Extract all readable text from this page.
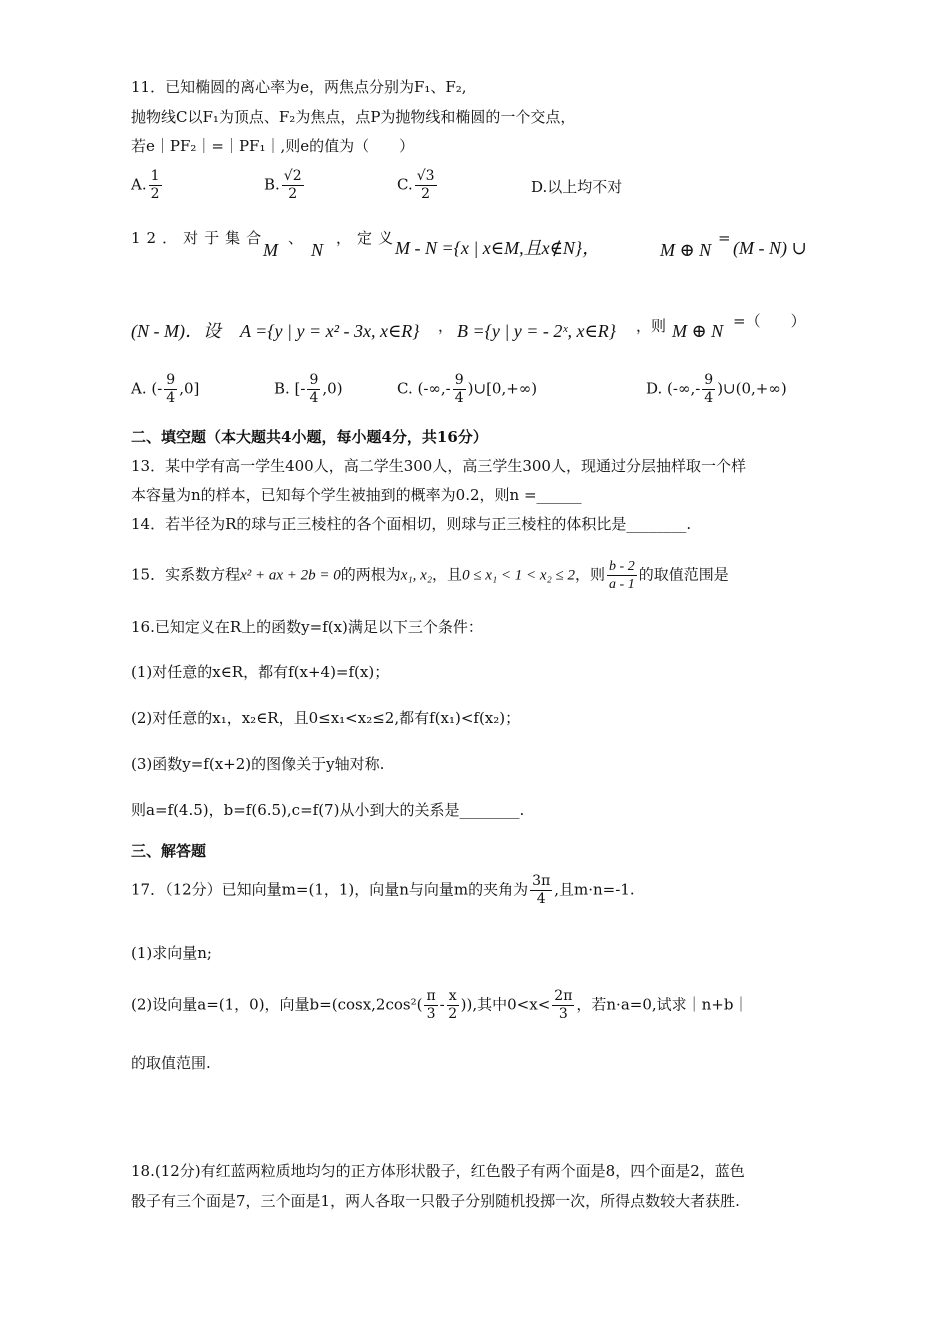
11．已知椭圆的离心率为e，两焦点分别为F₁、F₂,
抛物线C以F₁为顶点、F₂为焦点，点P为抛物线和椭圆的一个交点，
若e｜PF₂｜=｜PF₁｜,则e的值为（　　）
A. $\frac{1}{2}$	B. $\frac{√2}{2}$	C. $\frac{√3}{2}$	D.以上均不对
12．对于集合
M
、
N
，定义
M - N ={x | x∈M,且x∉N}，	M ⊕ N
= (M - N) ∪
(N - M)．设 A ={y | y = x² - 3x, x∈R} ， B ={y | y = - 2ˣ, x∈R} ，则 M ⊕ N =（　　）
A. (- $\frac{9}{4} ,0$]	B. [- $\frac{9}{4} ,0$)	C. (-∞,- $\frac{9}{4}$ )∪[0,+∞)	D. (-∞,- $\frac{9}{4}$ )∪(0,+∞)
二、填空题（本大题共4小题，每小题4分，共16分）
13．某中学有高一学生400人，高二学生300人，高三学生300人，现通过分层抽样取一个样
本容量为n的样本，已知每个学生被抽到的概率为0.2，则n =______
14．若半径为R的球与正三棱柱的各个面相切，则球与正三棱柱的体积比是________.
15．实系数方程x² + ax + 2b = 0的两根为x₁, x₂，且0 ≤ x₁ < 1 < x₂ ≤ 2，则 $\frac{b - 2}{a - 1}$ 的取值范围是
16.已知定义在R上的函数y=f(x)满足以下三个条件：
(1)对任意的x∈R，都有f(x+4)=f(x)；
(2)对任意的x₁，x₂∈R，且0≤x₁<x₂≤2,都有f(x₁)<f(x₂)；
(3)函数y=f(x+2)的图像关于y轴对称.
则a=f(4.5)，b=f(6.5),c=f(7)从小到大的关系是________.
三、解答题
17．（12分）已知向量m=(1，1)，向量n与向量m的夹角为 $\frac{3\pi}{4}$ ,且m·n=-1.
(1)求向量n;
(2)设向量a=(1，0)，向量$b=(\cos x,2\cos^2( \frac{\pi}{3} - \frac{x}{2}$ )),其中$0<x< \frac{2\pi}{3}$ ，若n·a=0,试求｜n+b｜
的取值范围.
18.(12分)有红蓝两粒质地均匀的正方体形状骰子，红色骰子有两个面是8，四个面是2，蓝色
骰子有三个面是7，三个面是1，两人各取一只骰子分别随机投掷一次，所得点数较大者获胜.
